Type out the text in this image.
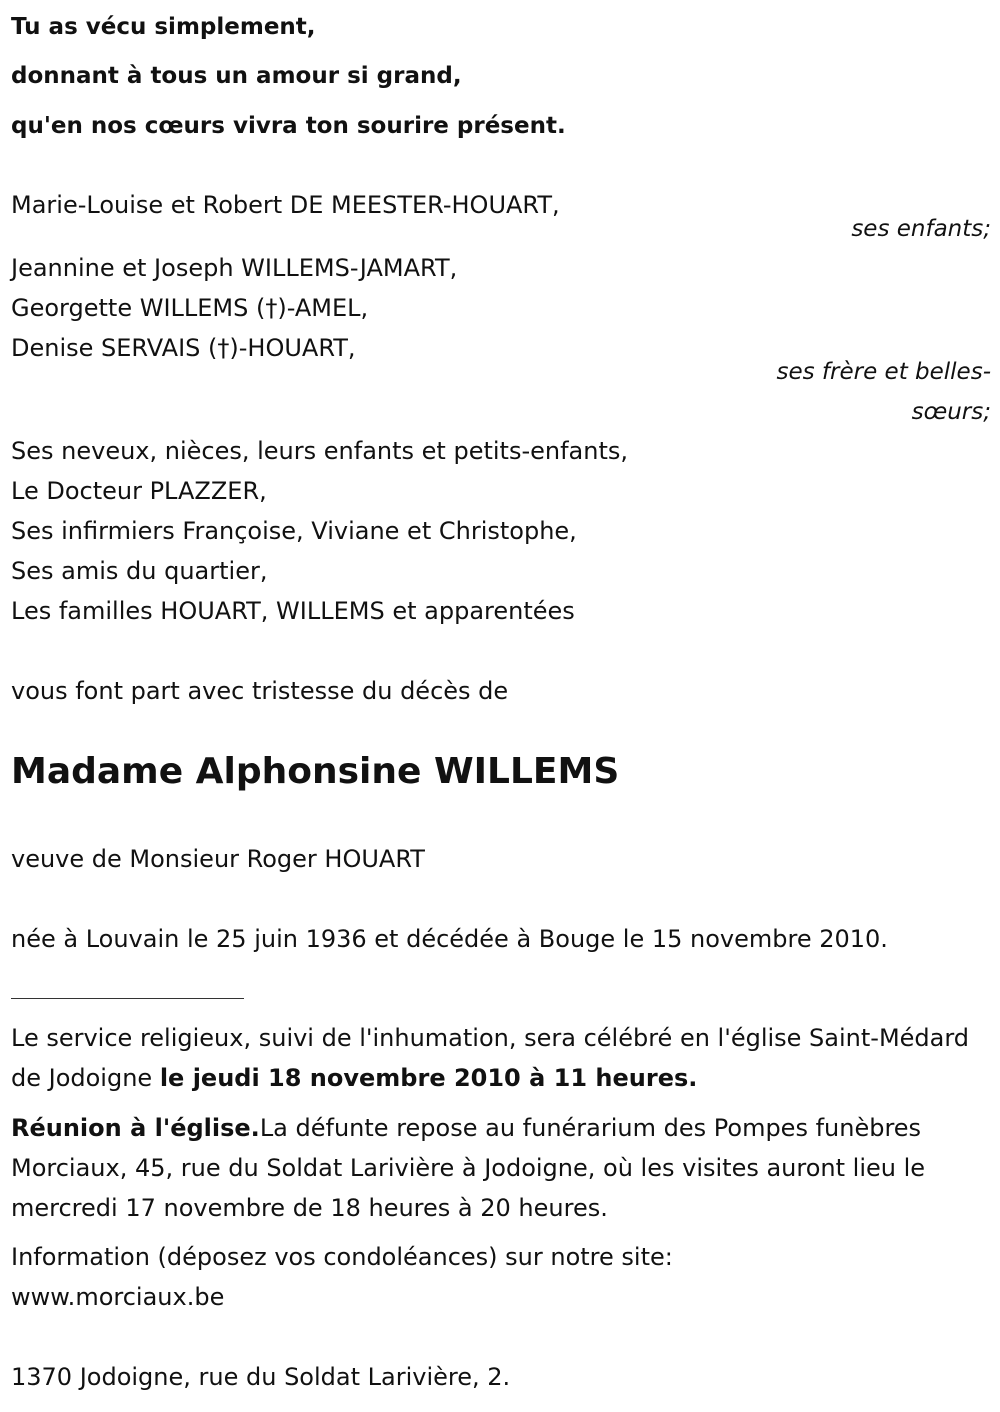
Tu as vécu simplement,
donnant à tous un amour si grand,
qu'en nos cœurs vivra ton sourire présent.
Marie-Louise et Robert DE MEESTER-HOUART,
ses enfants;
Jeannine et Joseph WILLEMS-JAMART,
Georgette WILLEMS (†)-AMEL,
Denise SERVAIS (†)-HOUART,
ses frère et belles-
sœurs;
Ses neveux, nièces, leurs enfants et petits-enfants,
Le Docteur PLAZZER,
Ses infirmiers Françoise, Viviane et Christophe,
Ses amis du quartier,
Les familles HOUART, WILLEMS et apparentées
vous font part avec tristesse du décès de
Madame Alphonsine WILLEMS
veuve de Monsieur Roger HOUART
née à Louvain le 25 juin 1936 et décédée à Bouge le 15 novembre 2010.
Le service religieux, suivi de l'inhumation, sera célébré en l'église Saint-Médard de Jodoigne le jeudi 18 novembre 2010 à 11 heures.
Réunion à l'église.La défunte repose au funérarium des Pompes funèbres Morciaux, 45, rue du Soldat Larivière à Jodoigne, où les visites auront lieu le mercredi 17 novembre de 18 heures à 20 heures.
Information (déposez vos condoléances) sur notre site:
www.morciaux.be
1370 Jodoigne, rue du Soldat Larivière, 2.
